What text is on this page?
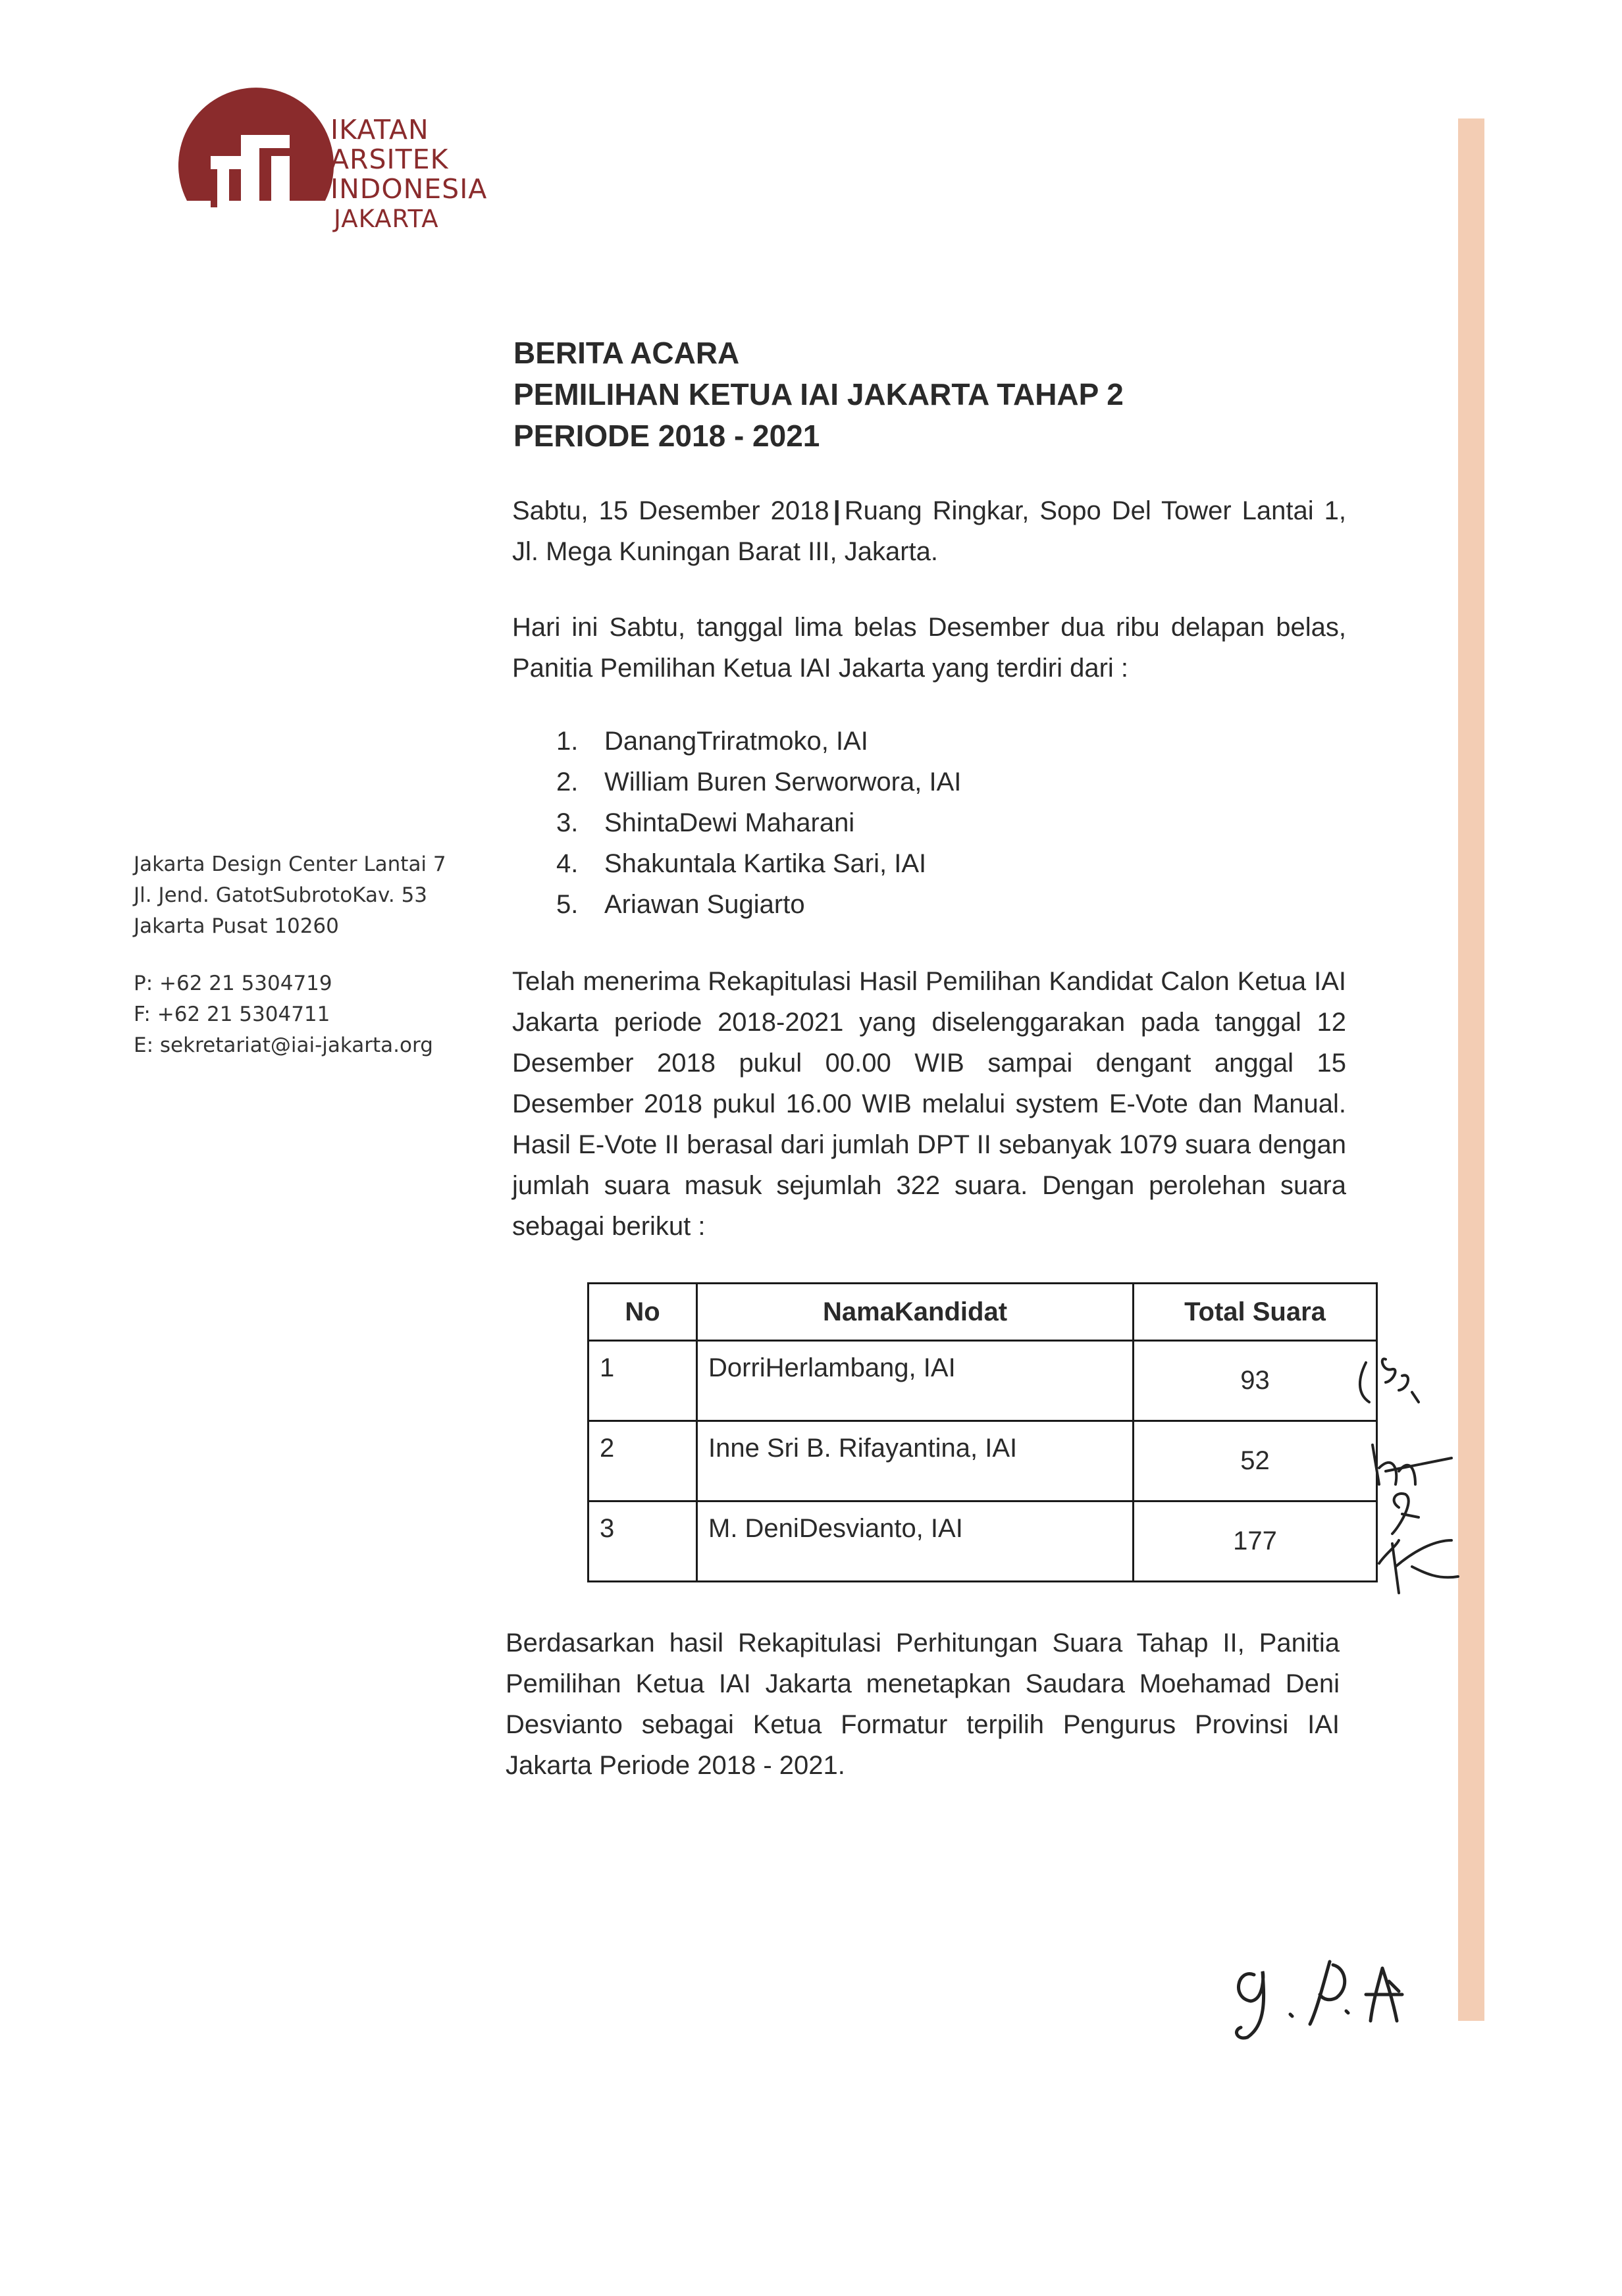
IKATAN
ARSITEK
INDONESIA
JAKARTA
Jakarta Design Center Lantai 7
Jl. Jend. GatotSubrotoKav. 53
Jakarta Pusat 10260
P: +62 21 5304719
F: +62 21 5304711
E: sekretariat@iai-jakarta.org
BERITA ACARA
PEMILIHAN KETUA IAI JAKARTA TAHAP 2
PERIODE 2018 - 2021
Sabtu, 15 Desember 2018 | Ruang Ringkar, Sopo Del Tower Lantai 1, Jl. Mega Kuningan Barat III, Jakarta.
Hari ini Sabtu, tanggal lima belas Desember dua ribu delapan belas, Panitia Pemilihan Ketua IAI Jakarta yang terdiri dari :
1. DanangTriratmoko, IAI
2. William Buren Serworwora, IAI
3. ShintaDewi Maharani
4. Shakuntala Kartika Sari, IAI
5. Ariawan Sugiarto
Telah menerima Rekapitulasi Hasil Pemilihan Kandidat Calon Ketua IAI Jakarta periode 2018-2021 yang diselenggarakan pada tanggal 12 Desember 2018 pukul 00.00 WIB sampai dengant anggal 15 Desember 2018 pukul 16.00 WIB melalui system E-Vote dan Manual. Hasil E-Vote II berasal dari jumlah DPT II sebanyak 1079 suara dengan jumlah suara masuk sejumlah 322 suara. Dengan perolehan suara sebagai berikut :
No	NamaKandidat	Total Suara
1	DorriHerlambang, IAI	93
2	Inne Sri B. Rifayantina, IAI	52
3	M. DeniDesvianto, IAI	177
Berdasarkan hasil Rekapitulasi Perhitungan Suara Tahap II, Panitia Pemilihan Ketua IAI Jakarta menetapkan Saudara Moehamad Deni Desvianto sebagai Ketua Formatur terpilih Pengurus Provinsi IAI Jakarta Periode 2018 - 2021.
